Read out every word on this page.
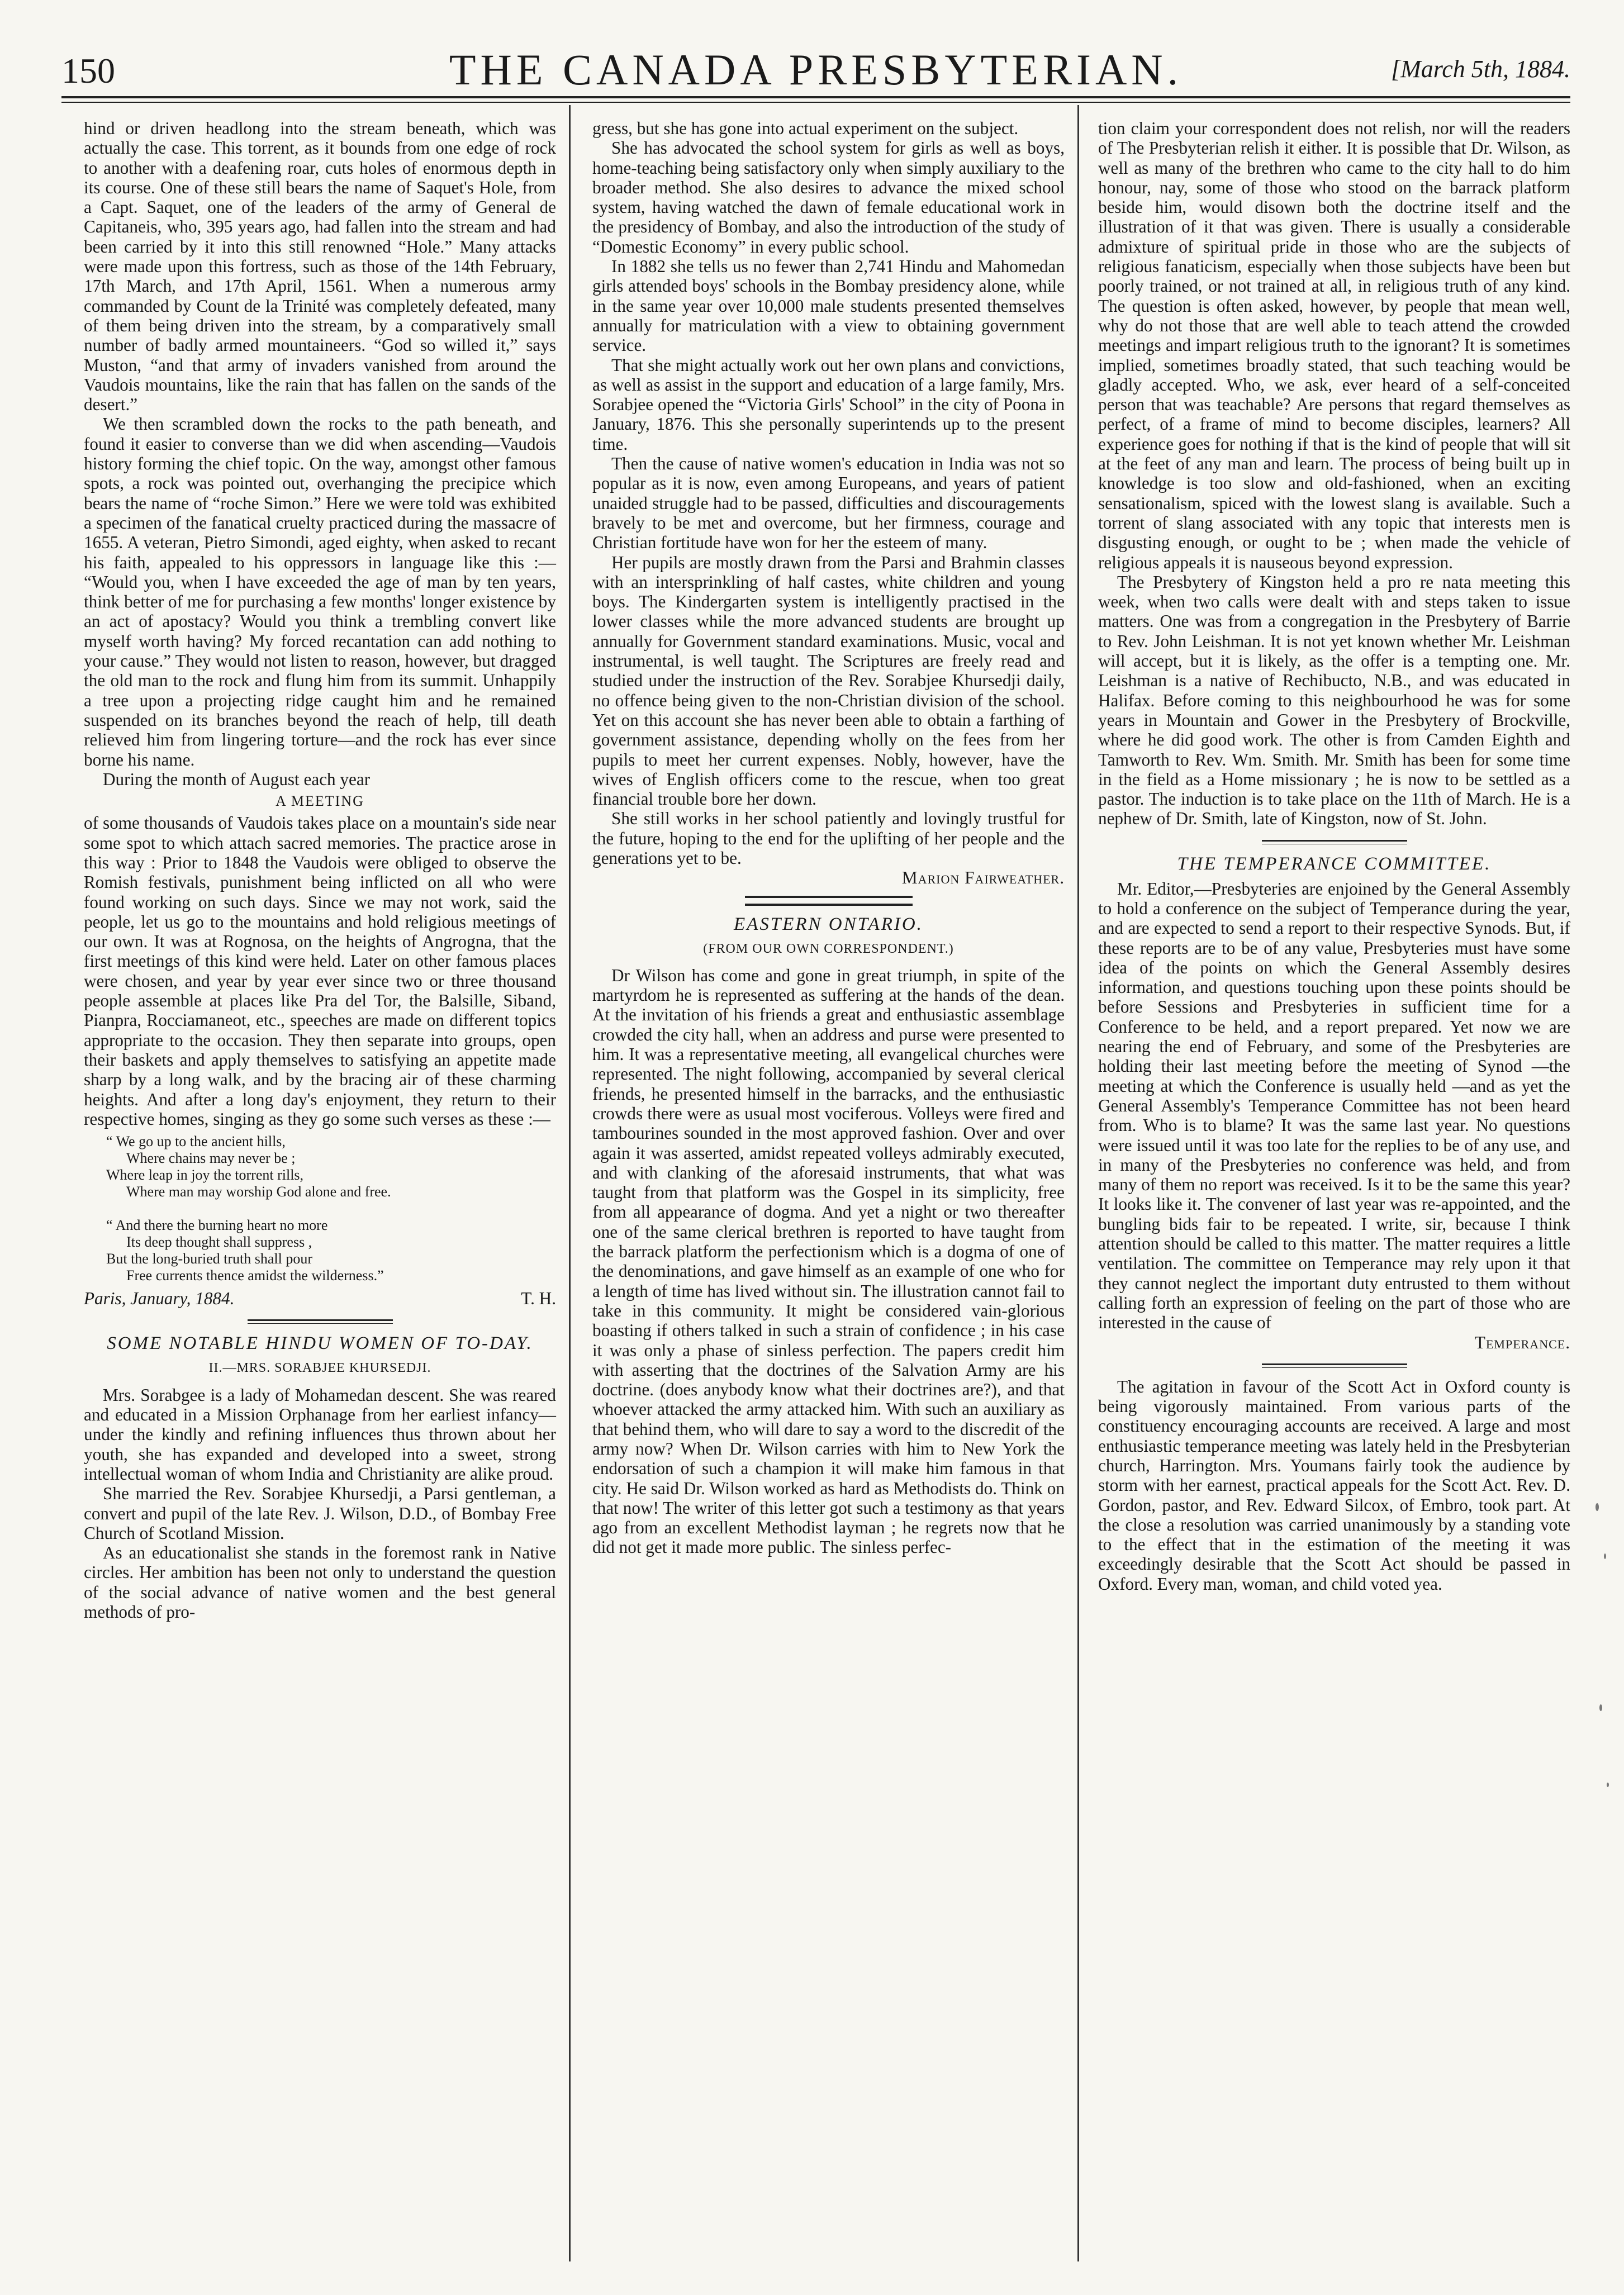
150	THE CANADA PRESBYTERIAN.	[March 5th, 1884.

hind or driven headlong into the stream beneath, which was actually the case. This torrent, as it bounds from one edge of rock to another with a deafening roar, cuts holes of enormous depth in its course. One of these still bears the name of Saquet's Hole, from a Capt. Saquet, one of the leaders of the army of General de Capitaneis, who, 395 years ago, had fallen into the stream and had been carried by it into this still renowned “Hole.” Many attacks were made upon this fortress, such as those of the 14th February, 17th March, and 17th April, 1561. When a numerous army commanded by Count de la Trinité was completely defeated, many of them being driven into the stream, by a comparatively small number of badly armed mountaineers. “God so willed it,” says Muston, “and that army of invaders vanished from around the Vaudois mountains, like the rain that has fallen on the sands of the desert.”

We then scrambled down the rocks to the path beneath, and found it easier to converse than we did when ascending—Vaudois history forming the chief topic. On the way, amongst other famous spots, a rock was pointed out, overhanging the precipice which bears the name of “roche Simon.” Here we were told was exhibited a specimen of the fanatical cruelty practiced during the massacre of 1655. A veteran, Pietro Simondi, aged eighty, when asked to recant his faith, appealed to his oppressors in language like this :— “Would you, when I have exceeded the age of man by ten years, think better of me for purchasing a few months' longer existence by an act of apostacy? Would you think a trembling convert like myself worth having? My forced recantation can add nothing to your cause.” They would not listen to reason, however, but dragged the old man to the rock and flung him from its summit. Unhappily a tree upon a projecting ridge caught him and he remained suspended on its branches beyond the reach of help, till death relieved him from lingering torture—and the rock has ever since borne his name.

During the month of August each year

A MEETING

of some thousands of Vaudois takes place on a mountain's side near some spot to which attach sacred memories. The practice arose in this way : Prior to 1848 the Vaudois were obliged to observe the Romish festivals, punishment being inflicted on all who were found working on such days. Since we may not work, said the people, let us go to the mountains and hold religious meetings of our own. It was at Rognosa, on the heights of Angrogna, that the first meetings of this kind were held. Later on other famous places were chosen, and year by year ever since two or three thousand people assemble at places like Pra del Tor, the Balsille, Siband, Pianpra, Rocciamaneot, etc., speeches are made on different topics appropriate to the occasion. They then separate into groups, open their baskets and apply themselves to satisfying an appetite made sharp by a long walk, and by the bracing air of these charming heights. And after a long day's enjoyment, they return to their respective homes, singing as they go some such verses as these :—

“ We go up to the ancient hills,
Where chains may never be ;
Where leap in joy the torrent rills,
Where man may worship God alone and free.

“ And there the burning heart no more
Its deep thought shall suppress ,
But the long-buried truth shall pour
Free currents thence amidst the wilderness.”
Paris, January, 1884.	T. H.
SOME NOTABLE HINDU WOMEN OF TO-DAY.
II.—MRS. SORABJEE KHURSEDJI.

Mrs. Sorabgee is a lady of Mohamedan descent. She was reared and educated in a Mission Orphanage from her earliest infancy—under the kindly and refining influences thus thrown about her youth, she has expanded and developed into a sweet, strong intellectual woman of whom India and Christianity are alike proud.

She married the Rev. Sorabjee Khursedji, a Parsi gentleman, a convert and pupil of the late Rev. J. Wilson, D.D., of Bombay Free Church of Scotland Mission.

As an educationalist she stands in the foremost rank in Native circles. Her ambition has been not only to understand the question of the social advance of native women and the best general methods of pro-

gress, but she has gone into actual experiment on the subject.

She has advocated the school system for girls as well as boys, home-teaching being satisfactory only when simply auxiliary to the broader method. She also desires to advance the mixed school system, having watched the dawn of female educational work in the presidency of Bombay, and also the introduction of the study of “Domestic Economy” in every public school.

In 1882 she tells us no fewer than 2,741 Hindu and Mahomedan girls attended boys' schools in the Bombay presidency alone, while in the same year over 10,000 male students presented themselves annually for matriculation with a view to obtaining government service.

That she might actually work out her own plans and convictions, as well as assist in the support and education of a large family, Mrs. Sorabjee opened the “Victoria Girls' School” in the city of Poona in January, 1876. This she personally superintends up to the present time.

Then the cause of native women's education in India was not so popular as it is now, even among Europeans, and years of patient unaided struggle had to be passed, difficulties and discouragements bravely to be met and overcome, but her firmness, courage and Christian fortitude have won for her the esteem of many.

Her pupils are mostly drawn from the Parsi and Brahmin classes with an intersprinkling of half castes, white children and young boys. The Kindergarten system is intelligently practised in the lower classes while the more advanced students are brought up annually for Government standard examinations. Music, vocal and instrumental, is well taught. The Scriptures are freely read and studied under the instruction of the Rev. Sorabjee Khursedji daily, no offence being given to the non-Christian division of the school. Yet on this account she has never been able to obtain a farthing of government assistance, depending wholly on the fees from her pupils to meet her current expenses. Nobly, however, have the wives of English officers come to the rescue, when too great financial trouble bore her down.

She still works in her school patiently and lovingly trustful for the future, hoping to the end for the uplifting of her people and the generations yet to be.

Marion Fairweather.
EASTERN ONTARIO.
(FROM OUR OWN CORRESPONDENT.)

Dr Wilson has come and gone in great triumph, in spite of the martyrdom he is represented as suffering at the hands of the dean. At the invitation of his friends a great and enthusiastic assemblage crowded the city hall, when an address and purse were presented to him. It was a representative meeting, all evangelical churches were represented. The night following, accompanied by several clerical friends, he presented himself in the barracks, and the enthusiastic crowds there were as usual most vociferous. Volleys were fired and tambourines sounded in the most approved fashion. Over and over again it was asserted, amidst repeated volleys admirably executed, and with clanking of the aforesaid instruments, that what was taught from that platform was the Gospel in its simplicity, free from all appearance of dogma. And yet a night or two thereafter one of the same clerical brethren is reported to have taught from the barrack platform the perfectionism which is a dogma of one of the denominations, and gave himself as an example of one who for a length of time has lived without sin. The illustration cannot fail to take in this community. It might be considered vain-glorious boasting if others talked in such a strain of confidence ; in his case it was only a phase of sinless perfection. The papers credit him with asserting that the doctrines of the Salvation Army are his doctrine. (does anybody know what their doctrines are?), and that whoever attacked the army attacked him. With such an auxiliary as that behind them, who will dare to say a word to the discredit of the army now? When Dr. Wilson carries with him to New York the endorsation of such a champion it will make him famous in that city. He said Dr. Wilson worked as hard as Methodists do. Think on that now! The writer of this letter got such a testimony as that years ago from an excellent Methodist layman ; he regrets now that he did not get it made more public. The sinless perfec-

tion claim your correspondent does not relish, nor will the readers of The Presbyterian relish it either. It is possible that Dr. Wilson, as well as many of the brethren who came to the city hall to do him honour, nay, some of those who stood on the barrack platform beside him, would disown both the doctrine itself and the illustration of it that was given. There is usually a considerable admixture of spiritual pride in those who are the subjects of religious fanaticism, especially when those subjects have been but poorly trained, or not trained at all, in religious truth of any kind. The question is often asked, however, by people that mean well, why do not those that are well able to teach attend the crowded meetings and impart religious truth to the ignorant? It is sometimes implied, sometimes broadly stated, that such teaching would be gladly accepted. Who, we ask, ever heard of a self-conceited person that was teachable? Are persons that regard themselves as perfect, of a frame of mind to become disciples, learners? All experience goes for nothing if that is the kind of people that will sit at the feet of any man and learn. The process of being built up in knowledge is too slow and old-fashioned, when an exciting sensationalism, spiced with the lowest slang is available. Such a torrent of slang associated with any topic that interests men is disgusting enough, or ought to be ; when made the vehicle of religious appeals it is nauseous beyond expression.

The Presbytery of Kingston held a pro re nata meeting this week, when two calls were dealt with and steps taken to issue matters. One was from a congregation in the Presbytery of Barrie to Rev. John Leishman. It is not yet known whether Mr. Leishman will accept, but it is likely, as the offer is a tempting one. Mr. Leishman is a native of Rechibucto, N.B., and was educated in Halifax. Before coming to this neighbourhood he was for some years in Mountain and Gower in the Presbytery of Brockville, where he did good work. The other is from Camden Eighth and Tamworth to Rev. Wm. Smith. Mr. Smith has been for some time in the field as a Home missionary ; he is now to be settled as a pastor. The induction is to take place on the 11th of March. He is a nephew of Dr. Smith, late of Kingston, now of St. John.

THE TEMPERANCE COMMITTEE.

Mr. Editor,—Presbyteries are enjoined by the General Assembly to hold a conference on the subject of Temperance during the year, and are expected to send a report to their respective Synods. But, if these reports are to be of any value, Presbyteries must have some idea of the points on which the General Assembly desires information, and questions touching upon these points should be before Sessions and Presbyteries in sufficient time for a Conference to be held, and a report prepared. Yet now we are nearing the end of February, and some of the Presbyteries are holding their last meeting before the meeting of Synod —the meeting at which the Conference is usually held —and as yet the General Assembly's Temperance Committee has not been heard from. Who is to blame? It was the same last year. No questions were issued until it was too late for the replies to be of any use, and in many of the Presbyteries no conference was held, and from many of them no report was received. Is it to be the same this year? It looks like it. The convener of last year was re-appointed, and the bungling bids fair to be repeated. I write, sir, because I think attention should be called to this matter. The matter requires a little ventilation. The committee on Temperance may rely upon it that they cannot neglect the important duty entrusted to them without calling forth an expression of feeling on the part of those who are interested in the cause of

Temperance.

The agitation in favour of the Scott Act in Oxford county is being vigorously maintained. From various parts of the constituency encouraging accounts are received. A large and most enthusiastic temperance meeting was lately held in the Presbyterian church, Harrington. Mrs. Youmans fairly took the audience by storm with her earnest, practical appeals for the Scott Act. Rev. D. Gordon, pastor, and Rev. Edward Silcox, of Embro, took part. At the close a resolution was carried unanimously by a standing vote to the effect that in the estimation of the meeting it was exceedingly desirable that the Scott Act should be passed in Oxford. Every man, woman, and child voted yea.
